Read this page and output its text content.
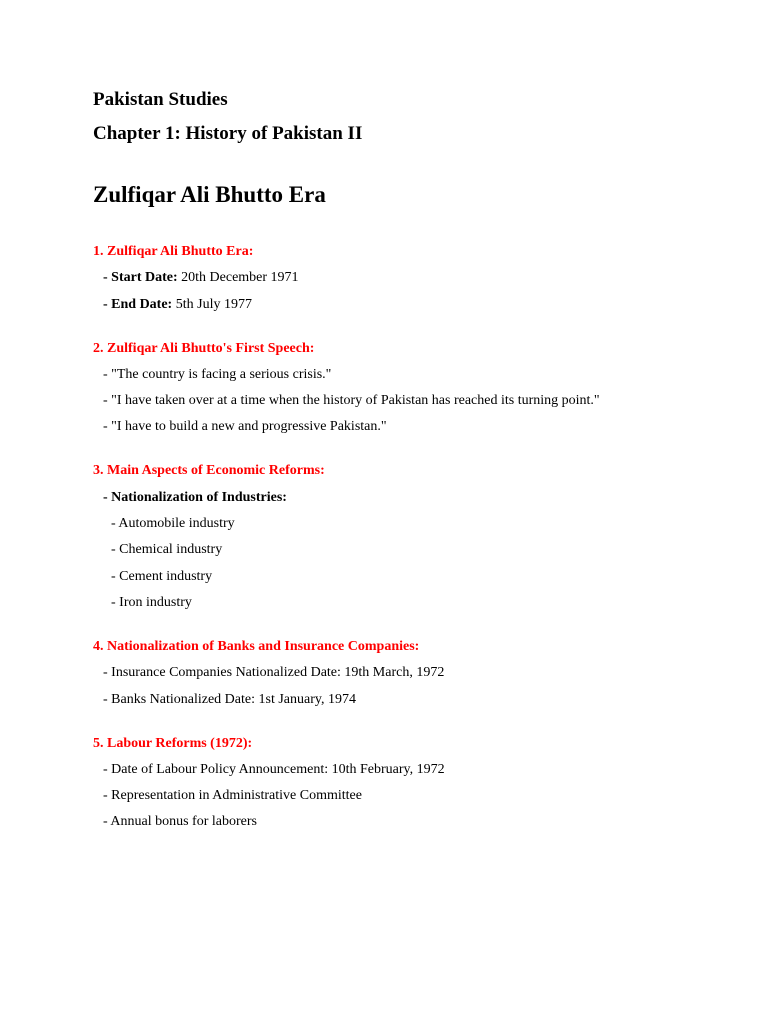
Pakistan Studies
Chapter 1: History of Pakistan II
Zulfiqar Ali Bhutto Era
1. Zulfiqar Ali Bhutto Era:
- Start Date: 20th December 1971
- End Date: 5th July 1977
2. Zulfiqar Ali Bhutto's First Speech:
- "The country is facing a serious crisis."
- "I have taken over at a time when the history of Pakistan has reached its turning point."
- "I have to build a new and progressive Pakistan."
3. Main Aspects of Economic Reforms:
- Nationalization of Industries:
- Automobile industry
- Chemical industry
- Cement industry
- Iron industry
4. Nationalization of Banks and Insurance Companies:
- Insurance Companies Nationalized Date: 19th March, 1972
- Banks Nationalized Date: 1st January, 1974
5. Labour Reforms (1972):
- Date of Labour Policy Announcement: 10th February, 1972
- Representation in Administrative Committee
- Annual bonus for laborers
